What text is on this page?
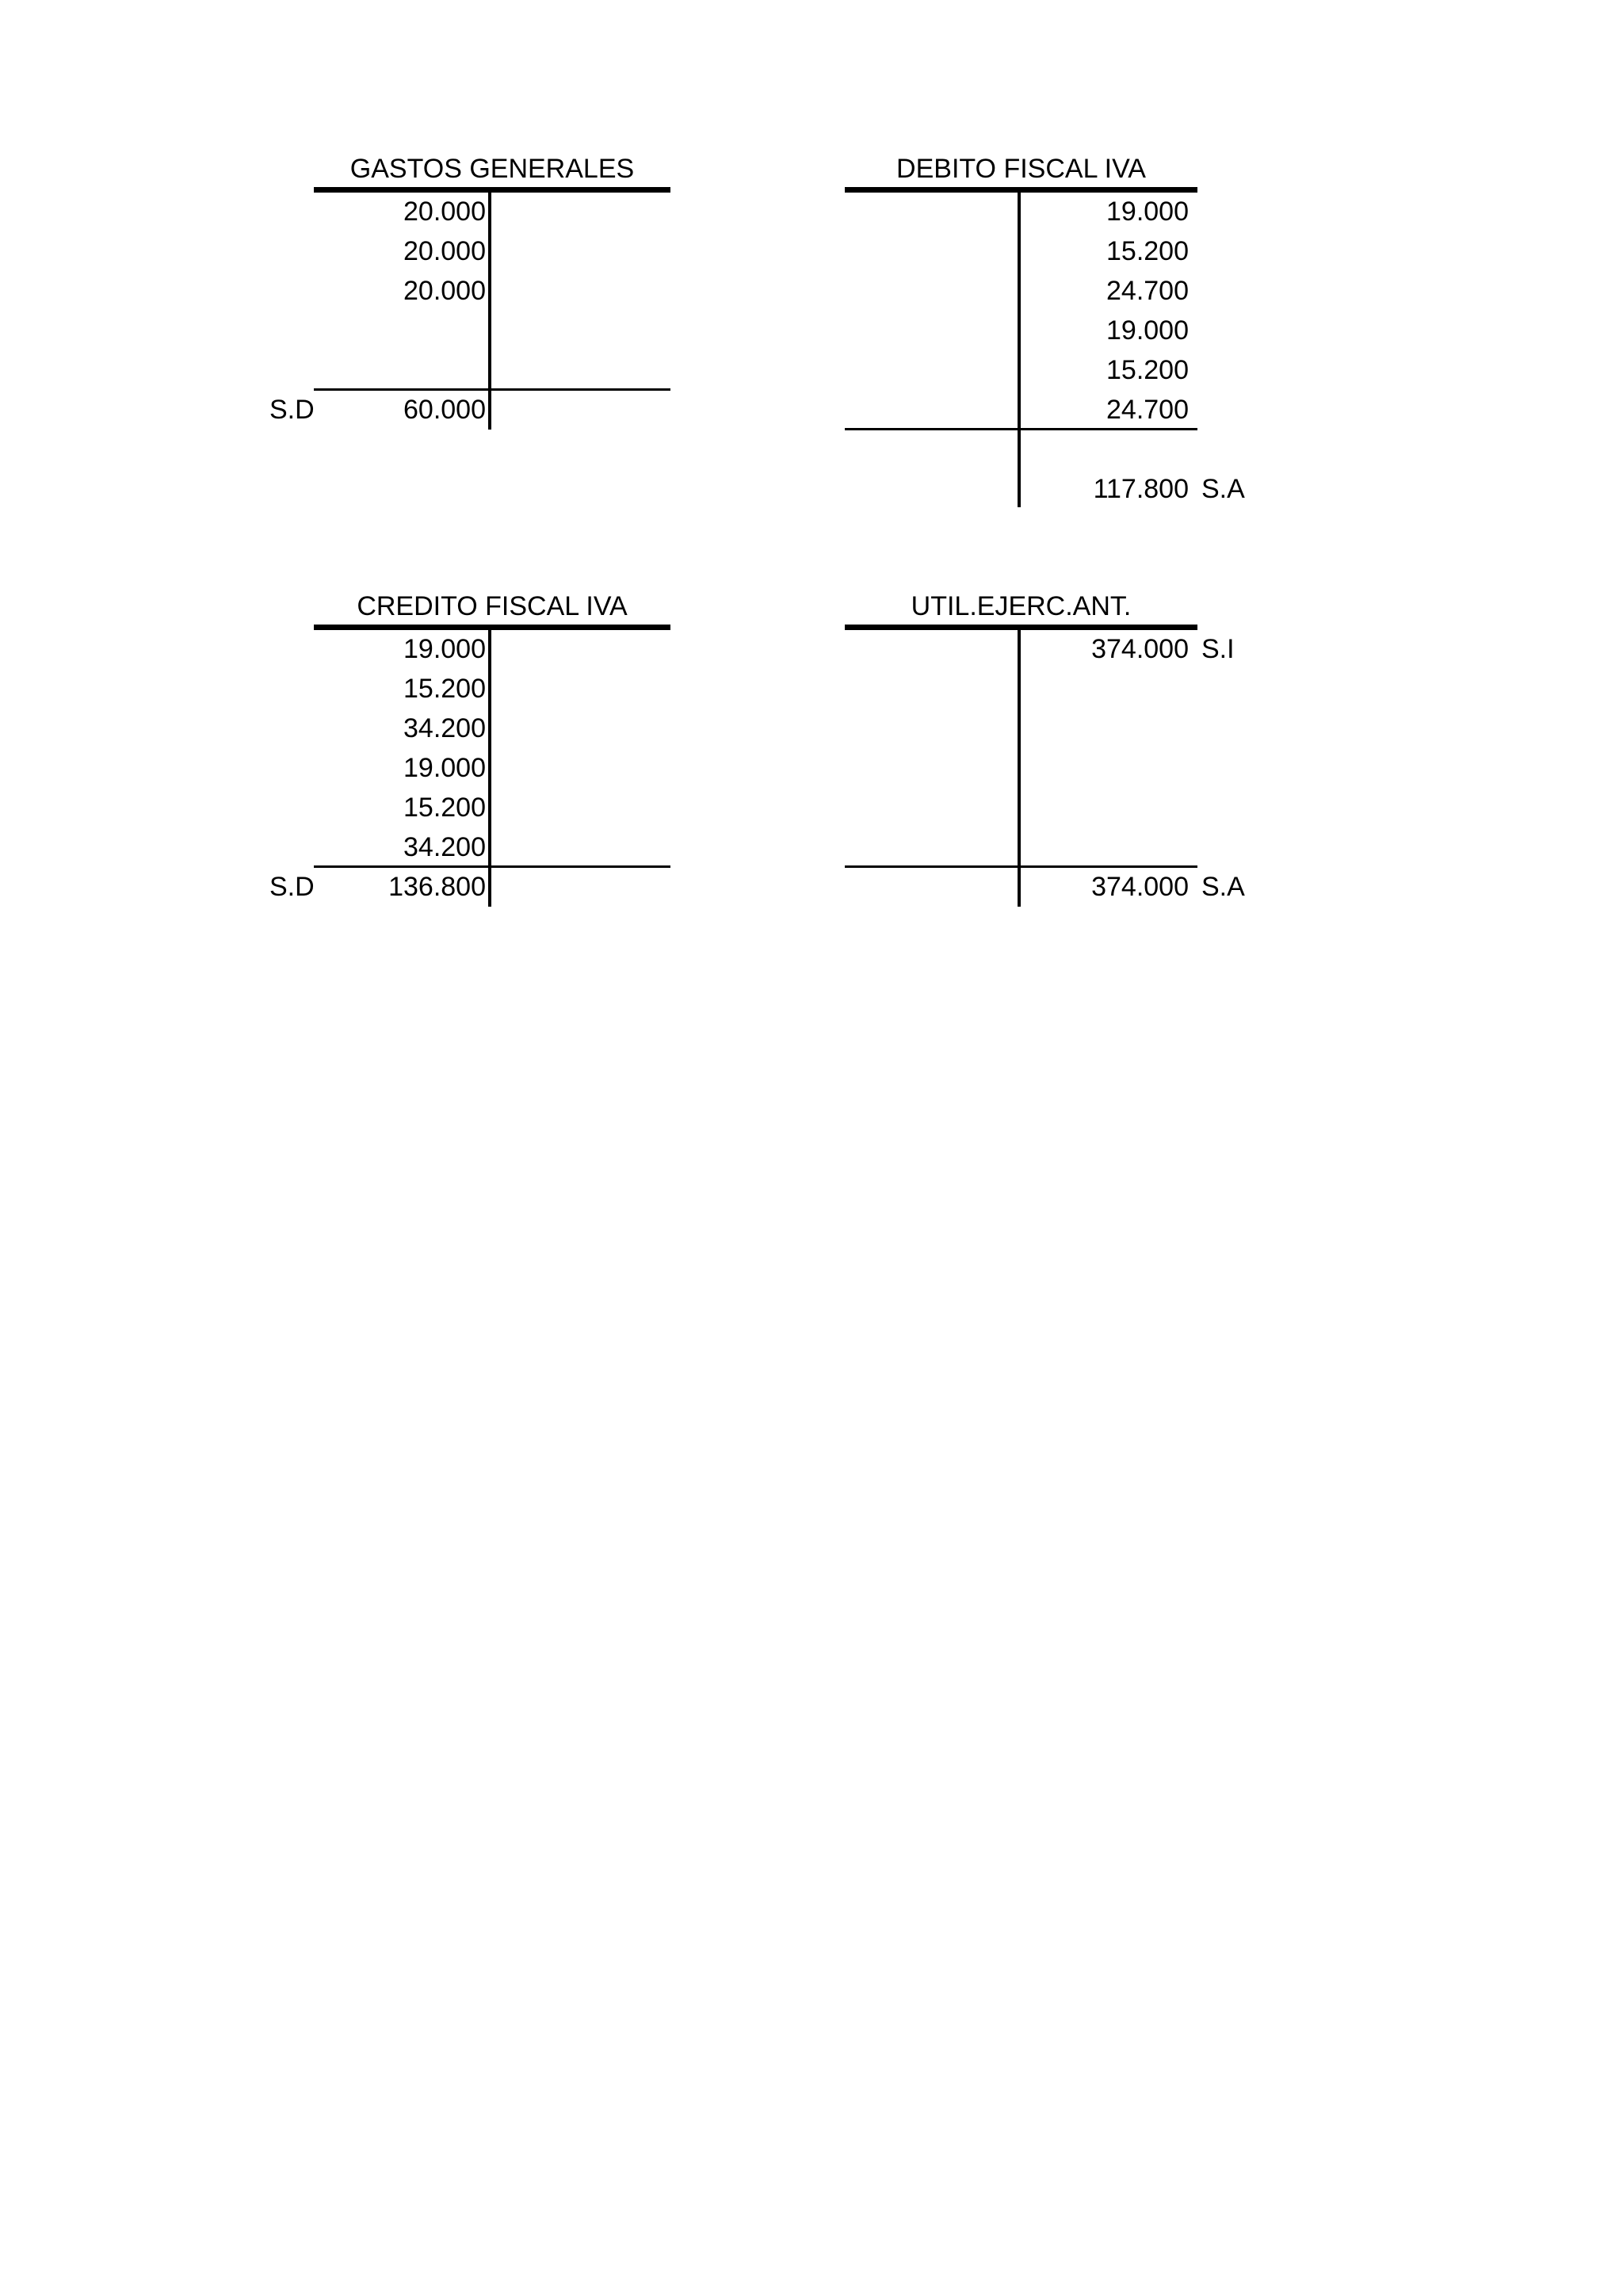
GASTOS GENERALES
20.000
20.000
20.000
S.D	60.000
DEBITO FISCAL IVA
19.000
15.200
24.700
19.000
15.200
24.700
117.800 S.A
CREDITO FISCAL IVA
19.000
15.200
34.200
19.000
15.200
34.200
S.D	136.800
UTIL.EJERC.ANT.
374.000 S.I
374.000 S.A
